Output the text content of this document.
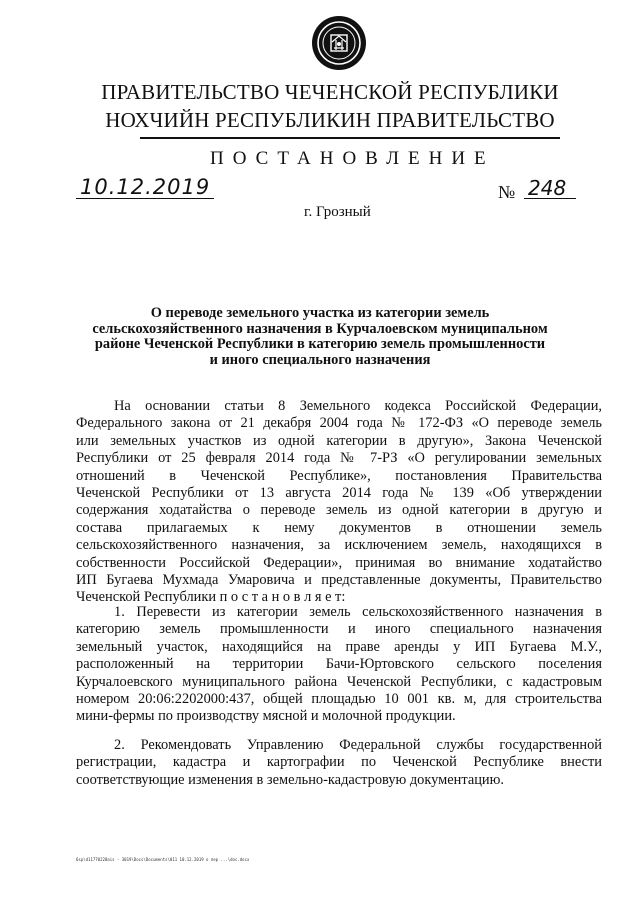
ПРАВИТЕЛЬСТВО ЧЕЧЕНСКОЙ РЕСПУБЛИКИ
НОХЧИЙН РЕСПУБЛИКИН ПРАВИТЕЛЬСТВО
ПОСТАНОВЛЕНИЕ
10.12.2019	№ 248
г. Грозный
О переводе земельного участка из категории земель
сельскохозяйственного назначения в Курчалоевском муниципальном
районе Чеченской Республики в категорию земель промышленности
и иного специального назначения
На основании статьи 8 Земельного кодекса Российской Федерации,
Федерального закона от 21 декабря 2004 года № 172-ФЗ «О переводе земель
или земельных участков из одной категории в другую», Закона Чеченской
Республики от 25 февраля 2014 года № 7-РЗ «О регулировании земельных
отношений в Чеченской Республике», постановления Правительства
Чеченской Республики от 13 августа 2014 года № 139 «Об утверждении
содержания ходатайства о переводе земель из одной категории в другую и
состава прилагаемых к нему документов в отношении земель
сельскохозяйственного назначения, за исключением земель, находящихся в
собственности Российской Федерации», принимая во внимание ходатайство
ИП Бугаева Мухмада Умаровича и представленные документы, Правительство
Чеченской Республики п о с т а н о в л я е т:
1. Перевести из категории земель сельскохозяйственного назначения в
категорию земель промышленности и иного специального назначения
земельный участок, находящийся на праве аренды у ИП Бугаева М.У.,
расположенный на территории Бачи-Юртовского сельского поселения
Курчалоевского муниципального района Чеченской Республики, с кадастровым
номером 20:06:2202000:437, общей площадью 10 001 кв. м, для строительства
мини-фермы по производству мясной и молочной продукции.
2. Рекомендовать Управлению Федеральной службы государственной
регистрации, кадастра и картографии по Чеченской Республике внести
соответствующие изменения в земельно-кадастровую документацию.
6sp\d11770228ais - 3019\Docs\Documents\011 10.12.2019 о пер ...\dоc.docx
